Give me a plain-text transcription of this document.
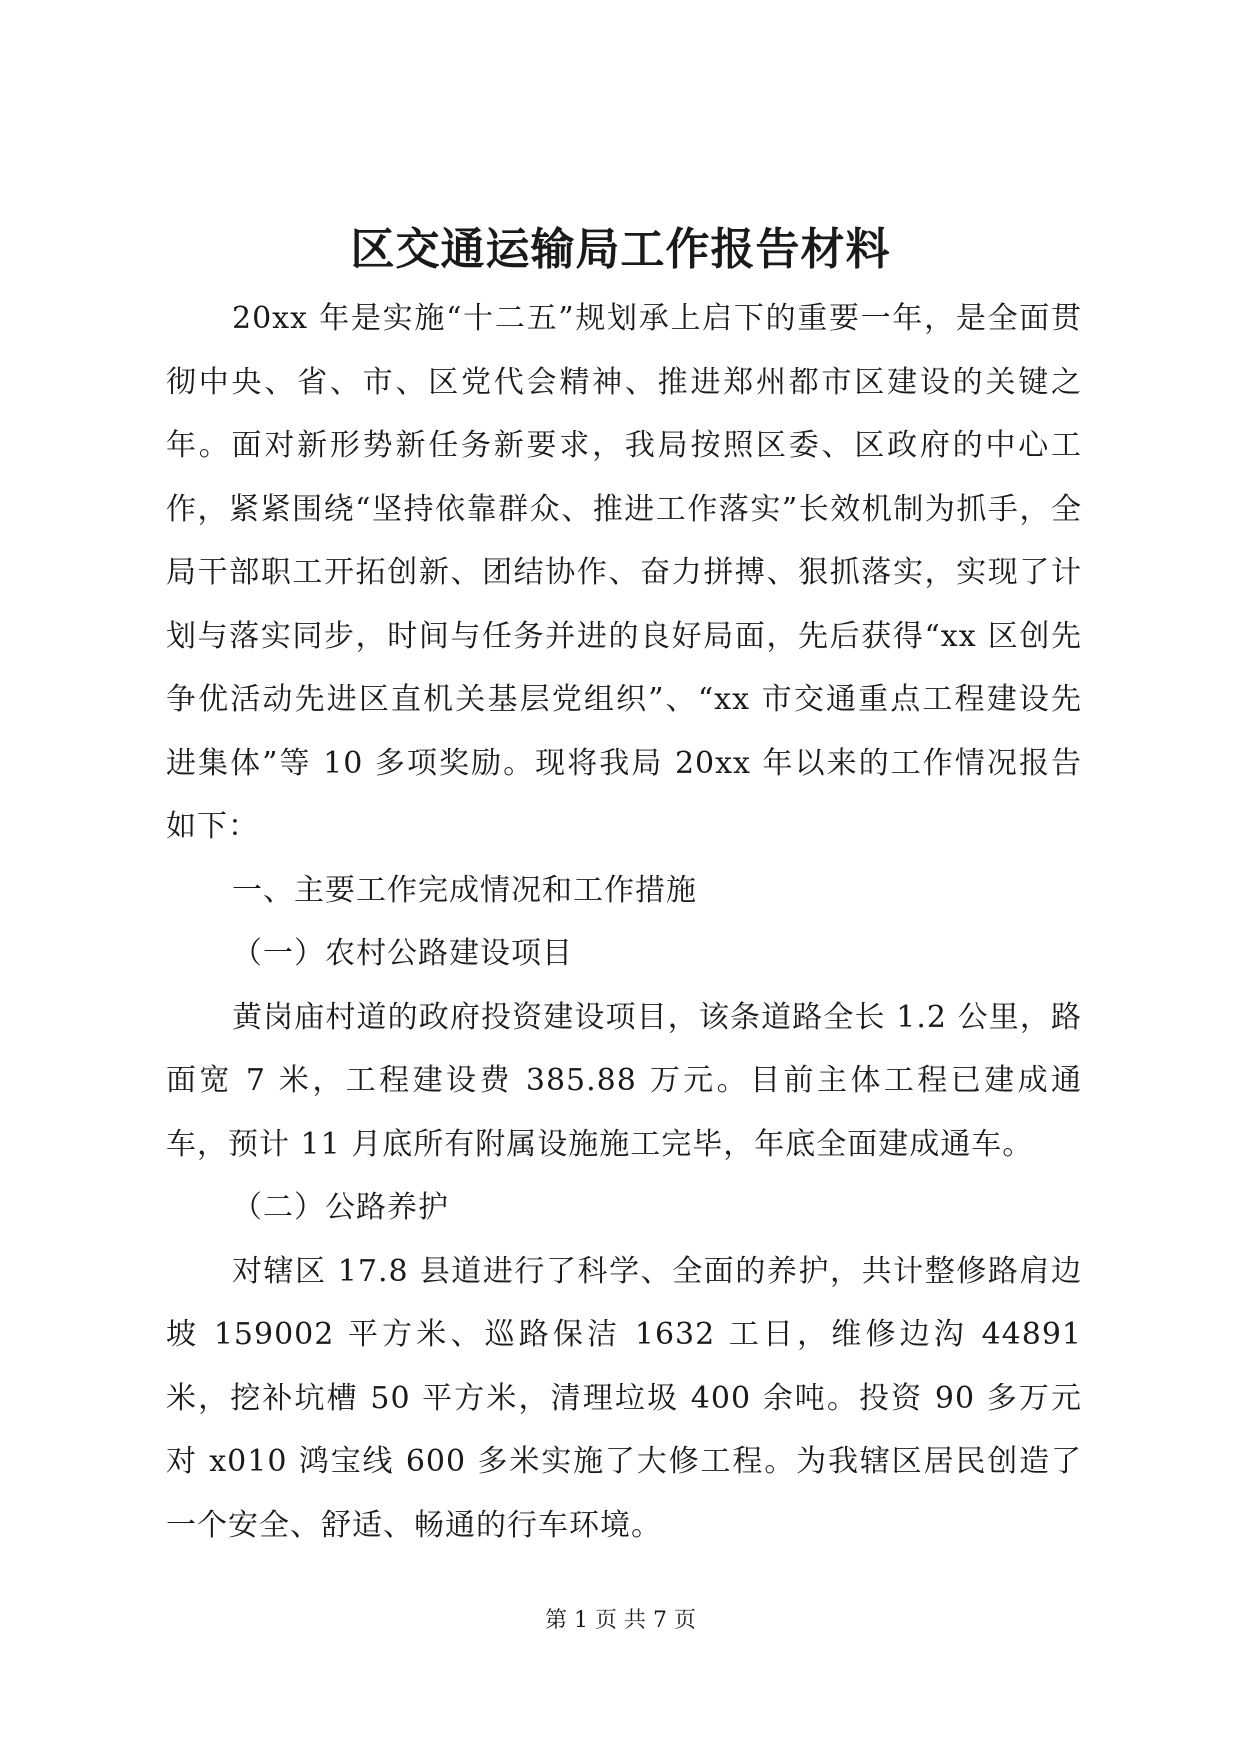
区交通运输局工作报告材料

20xx 年是实施“十二五”规划承上启下的重要一年，是全面贯彻中央、省、市、区党代会精神、推进郑州都市区建设的关键之年。面对新形势新任务新要求，我局按照区委、区政府的中心工作，紧紧围绕“坚持依靠群众、推进工作落实”长效机制为抓手，全局干部职工开拓创新、团结协作、奋力拼搏、狠抓落实，实现了计划与落实同步，时间与任务并进的良好局面，先后获得“xx 区创先争优活动先进区直机关基层党组织”、“xx 市交通重点工程建设先进集体”等 10 多项奖励。现将我局 20xx 年以来的工作情况报告如下：

一、主要工作完成情况和工作措施

（一）农村公路建设项目

黄岗庙村道的政府投资建设项目，该条道路全长 1.2 公里，路面宽 7 米，工程建设费 385.88 万元。目前主体工程已建成通车，预计 11 月底所有附属设施施工完毕，年底全面建成通车。

（二）公路养护

对辖区 17.8 县道进行了科学、全面的养护，共计整修路肩边坡 159002 平方米、巡路保洁 1632 工日，维修边沟 44891 米，挖补坑槽 50 平方米，清理垃圾 400 余吨。投资 90 多万元对 x010 鸿宝线 600 多米实施了大修工程。为我辖区居民创造了一个安全、舒适、畅通的行车环境。

第 1 页 共 7 页
